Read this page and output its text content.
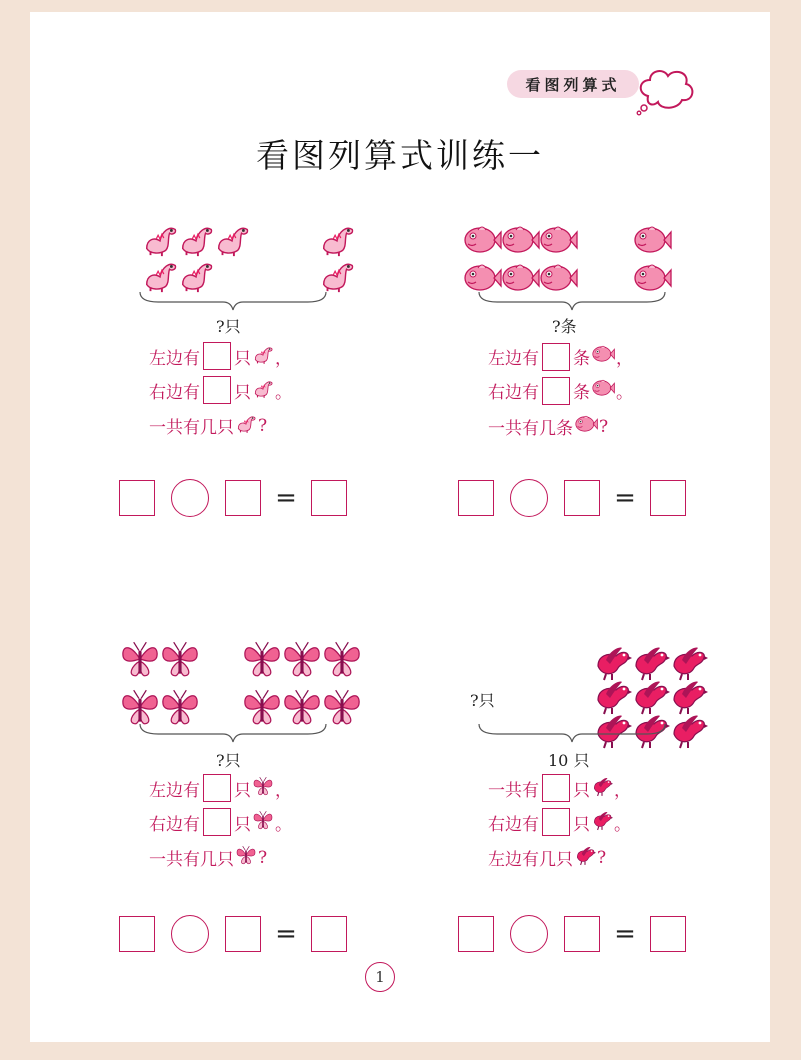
看图列算式
看图列算式训练一
?只
左边有 只 ，
右边有 只 。
一共有几只 ?
=
?条
左边有 条 ，
右边有 条 。
一共有几条 ?
=
?只
左边有 只 ，
右边有 只 。
一共有几只 ?
=
?只
10 只
一共有 只 ，
右边有 只 。
左边有几只 ?
=
1
